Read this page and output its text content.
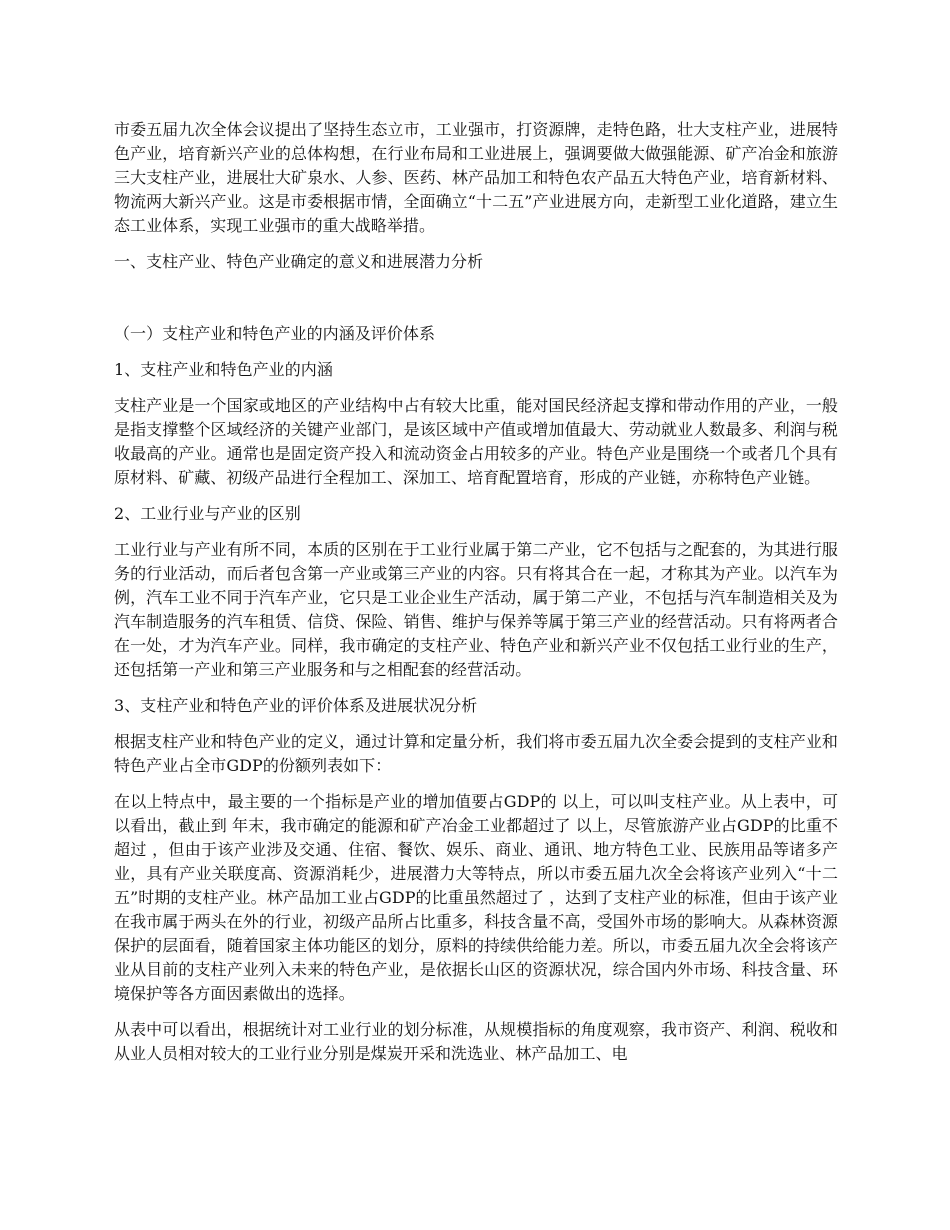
市委五届九次全体会议提出了坚持生态立市，工业强市，打资源牌，走特色路，壮大支柱产业，进展特色产业，培育新兴产业的总体构想，在行业布局和工业进展上，强调要做大做强能源、矿产冶金和旅游三大支柱产业，进展壮大矿泉水、人参、医药、林产品加工和特色农产品五大特色产业，培育新材料、物流两大新兴产业。这是市委根据市情，全面确立“十二五”产业进展方向，走新型工业化道路，建立生态工业体系，实现工业强市的重大战略举措。

一、支柱产业、特色产业确定的意义和进展潜力分析

（一）支柱产业和特色产业的内涵及评价体系

1、支柱产业和特色产业的内涵

支柱产业是一个国家或地区的产业结构中占有较大比重，能对国民经济起支撑和带动作用的产业，一般是指支撑整个区域经济的关键产业部门，是该区域中产值或增加值最大、劳动就业人数最多、利润与税收最高的产业。通常也是固定资产投入和流动资金占用较多的产业。特色产业是围绕一个或者几个具有原材料、矿藏、初级产品进行全程加工、深加工、培育配置培育，形成的产业链，亦称特色产业链。

2、工业行业与产业的区别

工业行业与产业有所不同，本质的区别在于工业行业属于第二产业，它不包括与之配套的，为其进行服务的行业活动，而后者包含第一产业或第三产业的内容。只有将其合在一起，才称其为产业。以汽车为例，汽车工业不同于汽车产业，它只是工业企业生产活动，属于第二产业，不包括与汽车制造相关及为汽车制造服务的汽车租赁、信贷、保险、销售、维护与保养等属于第三产业的经营活动。只有将两者合在一处，才为汽车产业。同样，我市确定的支柱产业、特色产业和新兴产业不仅包括工业行业的生产，还包括第一产业和第三产业服务和与之相配套的经营活动。

3、支柱产业和特色产业的评价体系及进展状况分析

根据支柱产业和特色产业的定义，通过计算和定量分析，我们将市委五届九次全委会提到的支柱产业和特色产业占全市GDP的份额列表如下：

在以上特点中，最主要的一个指标是产业的增加值要占GDP的 以上，可以叫支柱产业。从上表中，可以看出，截止到 年末，我市确定的能源和矿产冶金工业都超过了 以上，尽管旅游产业占GDP的比重不超过 ，但由于该产业涉及交通、住宿、餐饮、娱乐、商业、通讯、地方特色工业、民族用品等诸多产业，具有产业关联度高、资源消耗少，进展潜力大等特点，所以市委五届九次全会将该产业列入“十二五”时期的支柱产业。林产品加工业占GDP的比重虽然超过了 ，达到了支柱产业的标准，但由于该产业在我市属于两头在外的行业，初级产品所占比重多，科技含量不高，受国外市场的影响大。从森林资源保护的层面看，随着国家主体功能区的划分，原料的持续供给能力差。所以，市委五届九次全会将该产业从目前的支柱产业列入未来的特色产业，是依据长山区的资源状况，综合国内外市场、科技含量、环境保护等各方面因素做出的选择。

从表中可以看出，根据统计对工业行业的划分标准，从规模指标的角度观察，我市资产、利润、税收和从业人员相对较大的工业行业分别是煤炭开采和洗选业、林产品加工、电
